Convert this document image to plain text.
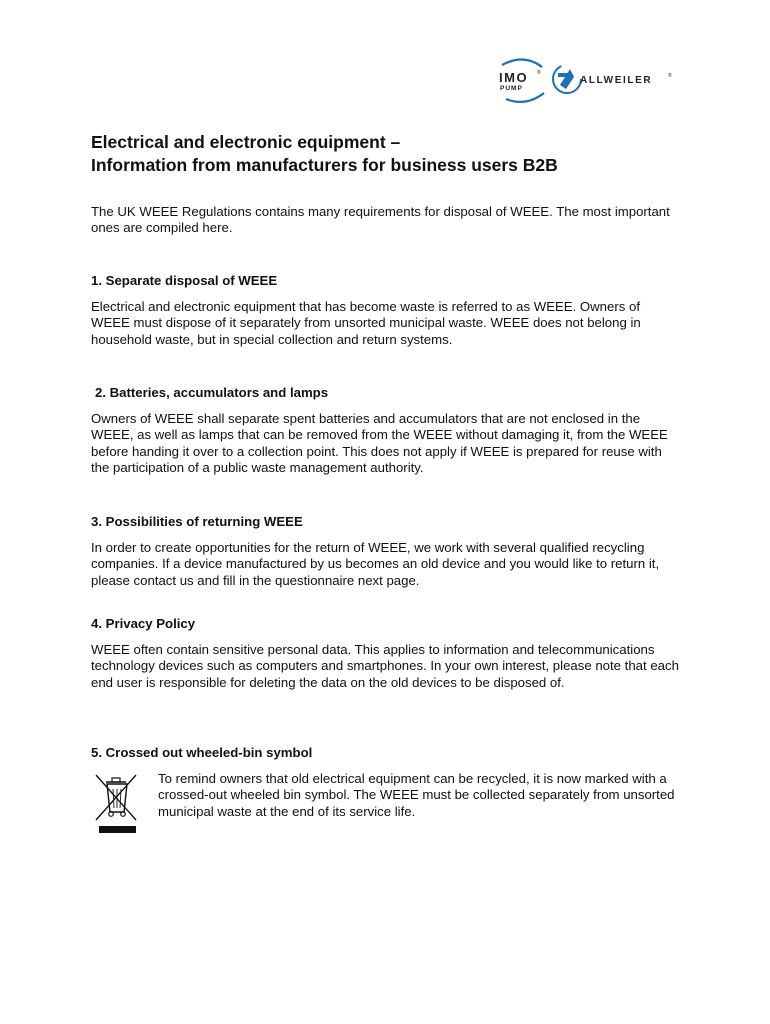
IMO ®
PUMP
ALLWEILER	®
Electrical and electronic equipment –
Information from manufacturers for business users B2B

The UK WEEE Regulations contains many requirements for disposal of WEEE. The most important ones are compiled here.

1. Separate disposal of WEEE

Electrical and electronic equipment that has become waste is referred to as WEEE. Owners of WEEE must dispose of it separately from unsorted municipal waste. WEEE does not belong in household waste, but in special collection and return systems.

2. Batteries, accumulators and lamps

Owners of WEEE shall separate spent batteries and accumulators that are not enclosed in the WEEE, as well as lamps that can be removed from the WEEE without damaging it, from the WEEE before handing it over to a collection point. This does not apply if WEEE is prepared for reuse with the participation of a public waste management authority.

3. Possibilities of returning WEEE

In order to create opportunities for the return of WEEE, we work with several qualified recycling companies. If a device manufactured by us becomes an old device and you would like to return it, please contact us and fill in the questionnaire next page.

4. Privacy Policy

WEEE often contain sensitive personal data. This applies to information and telecommunications technology devices such as computers and smartphones. In your own interest, please note that each end user is responsible for deleting the data on the old devices to be disposed of.

5. Crossed out wheeled-bin symbol

To remind owners that old electrical equipment can be recycled, it is now marked with a crossed-out wheeled bin symbol. The WEEE must be collected separately from unsorted municipal waste at the end of its service life.
